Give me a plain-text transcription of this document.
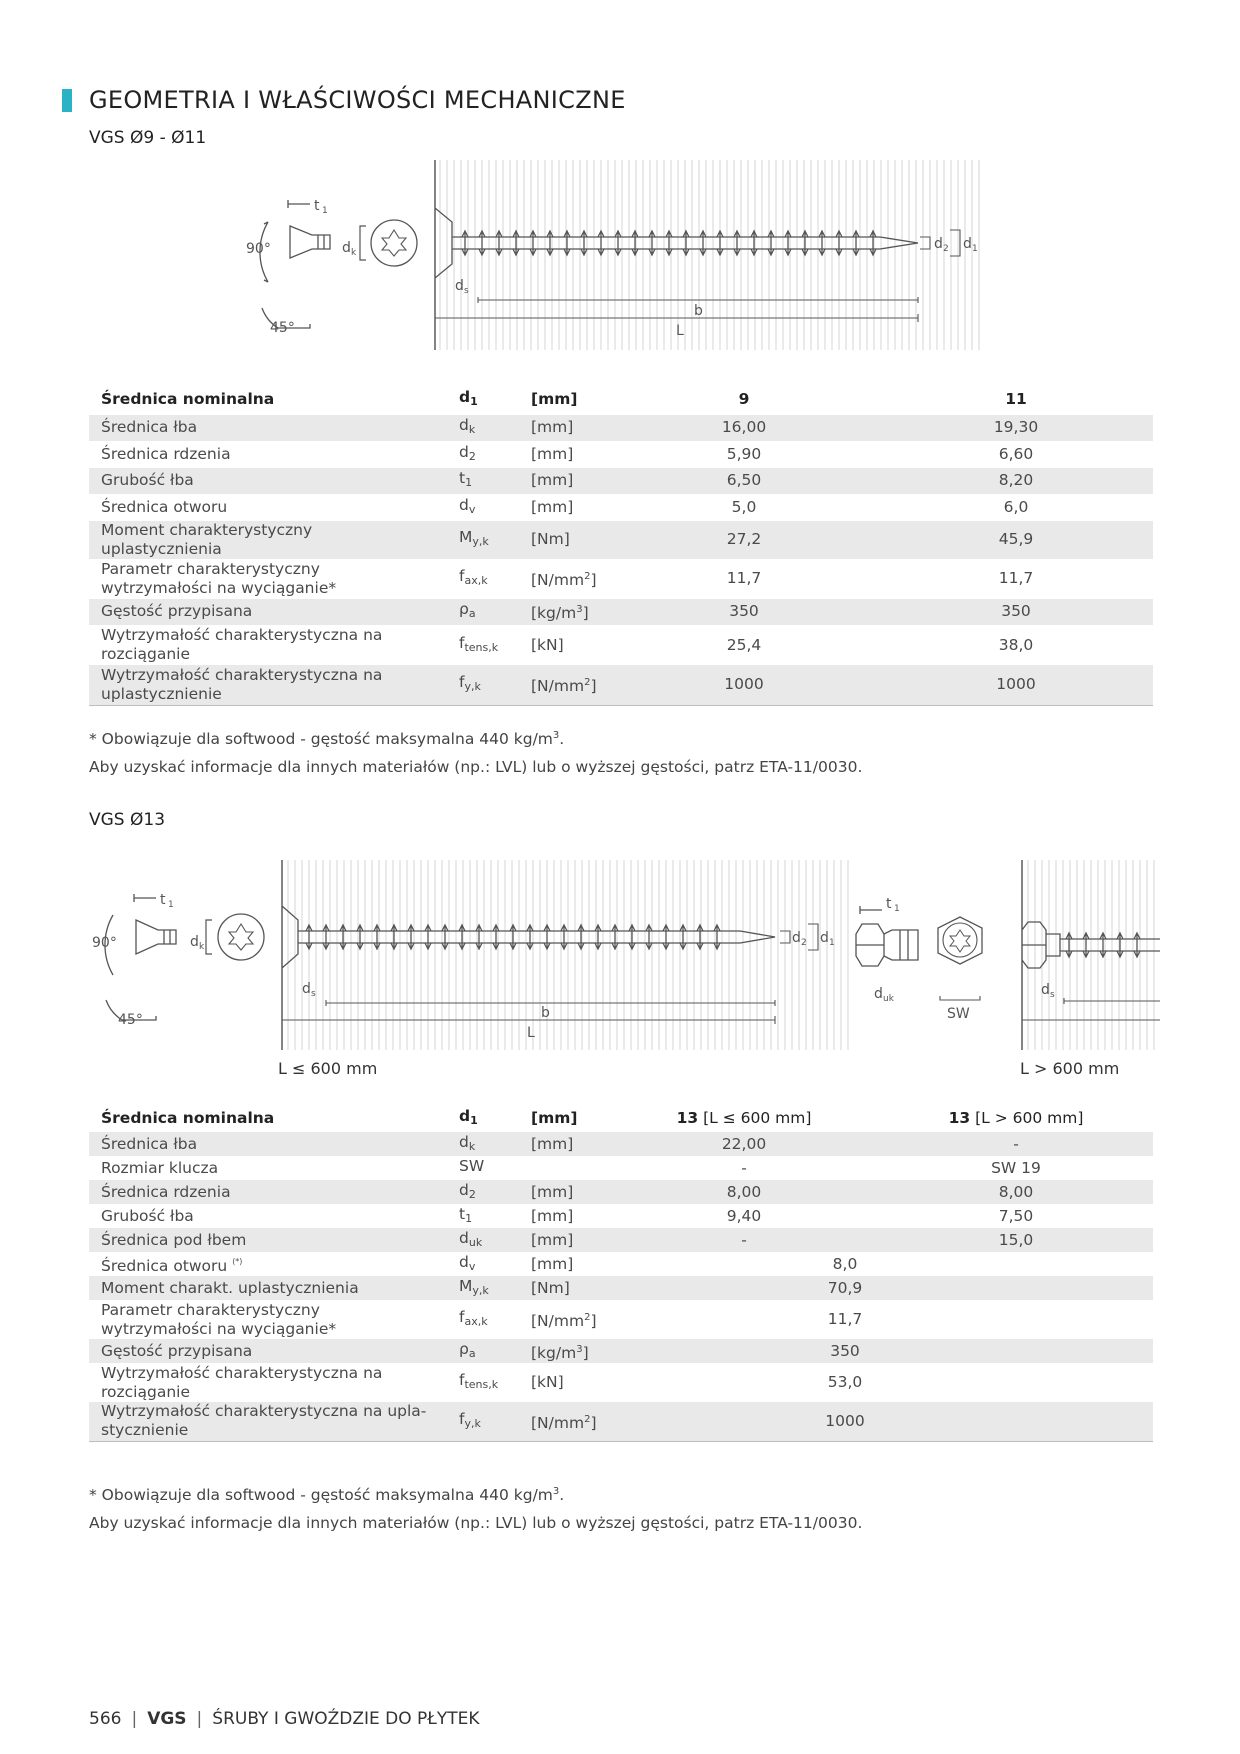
GEOMETRIA I WŁAŚCIWOŚCI MECHANICZNE
VGS Ø9 - Ø11
90°
45°
t 1
d k
d 2 d 1
d s
b
L
Średnica nominalna	$d_1$	[mm]	9	11
Średnica łba	$d_k$	[mm]	16,00	19,30
Średnica rdzenia	$d_2$	[mm]	5,90	6,60
Grubość łba	$t_1$	[mm]	6,50	8,20
Średnica otworu	$d_v$	[mm]	5,0	6,0
Moment charakterystyczny uplastycznienia	$M_{y,k}$	[Nm]	27,2	45,9
Parametr charakterystyczny
wytrzymałości na wyciąganie*	$f_{ax,k}$	$[N/mm^2]$	11,7	11,7
Gęstość przypisana	$\rho_a$	$[kg/m^3]$	350	350
Wytrzymałość charakterystyczna na
rozciąganie	$f_{tens,k}$	[kN]	25,4	38,0
Wytrzymałość charakterystyczna na
uplastycznienie	$f_{y,k}$	$[N/mm^2]$	1000	1000
* Obowiązuje dla softwood - gęstość maksymalna 440 $kg/m^3$.
Aby uzyskać informacje dla innych materiałów (np.: LVL) lub o wyższej gęstości, patrz ETA-11/0030.
VGS Ø13
90°
45°
t 1
d k
d 2 d 1
d s
b
L
L ≤ 600 mm
t 1
d uk
SW
d s
L > 600 mm
Średnica nominalna	$d_1$	[mm]	13 [L ≤ 600 mm]	13 [L > 600 mm]
Średnica łba	$d_k$	[mm]	22,00	-
Rozmiar klucza	SW		-	SW 19
Średnica rdzenia	$d_2$	[mm]	8,00	8,00
Grubość łba	$t_1$	[mm]	9,40	7,50
Średnica pod łbem	$d_{uk}$	[mm]	-	15,0
Średnica otworu (*)	$d_v$	[mm]	8,0	
Moment charakt. uplastycznienia	$M_{y,k}$	[Nm]	70,9	
Parametr charakterystyczny
wytrzymałości na wyciąganie*	$f_{ax,k}$	$[N/mm^2]$	11,7	
Gęstość przypisana	$\rho_a$	$[kg/m^3]$	350	
Wytrzymałość charakterystyczna na
rozciąganie	$f_{tens,k}$	[kN]	53,0	
Wytrzymałość charakterystyczna na upla-
stycznienie	$f_{y,k}$	$[N/mm^2]$	1000	
* Obowiązuje dla softwood - gęstość maksymalna 440 $kg/m^3$.
Aby uzyskać informacje dla innych materiałów (np.: LVL) lub o wyższej gęstości, patrz ETA-11/0030.
566 | VGS | ŚRUBY I GWOŹDZIE DO PŁYTEK
